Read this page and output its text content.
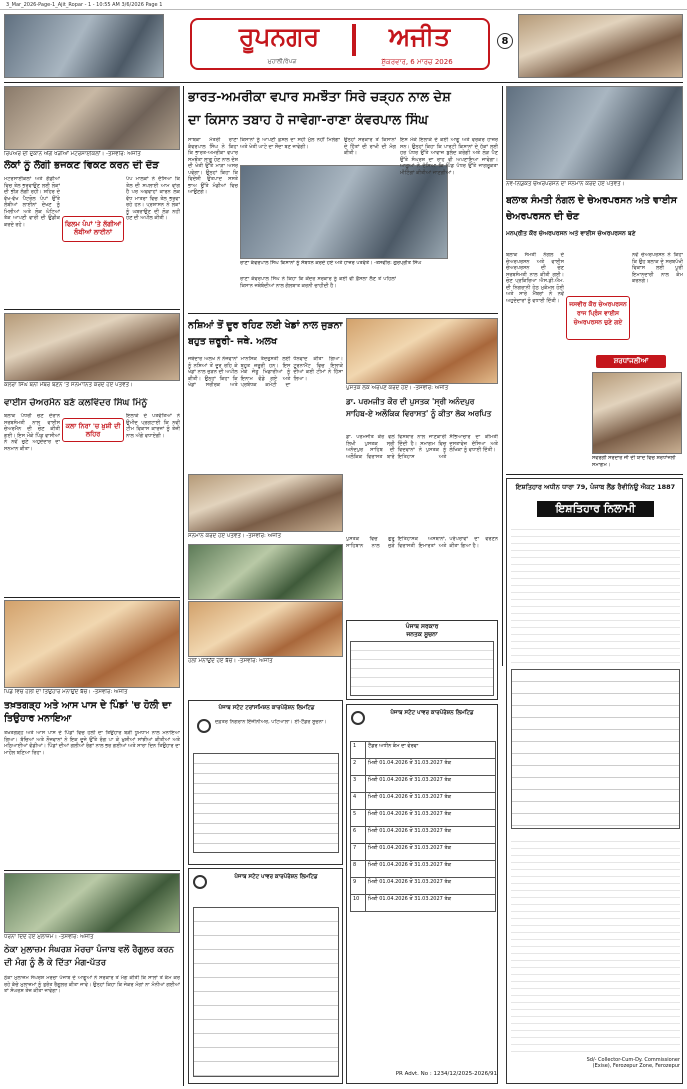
3_Mar_2026-Page-1_Ajit_Ropar - 1 - 10:55 AM 3/6/2026 Page 1
ਰੂਪਨਗਰ	ਅਜੀਤ
ਮੁਹਾਲੀ/ਰੋਪੜ	ਸ਼ੁੱਕਰਵਾਰ, 6 ਮਾਰਚ 2026
8
ਰਿਪੇਅਰ ਦੀ ਦੁਕਾਨ ਅੱਗੇ ਖੜੀਆਂ ਮੋਟਰਸਾਈਕਲਾਂ। -ਤਸਵੀਰ: ਅਜੀਤ
ਲੋਕਾਂ ਨੂੰ ਲੱਗੀ ਭਜਕਣ ਵਿਕਣ ਕਰਨ ਦੀ ਦੌੜ
ਮੋਟਰਸਾਈਕਲਾਂ ਅਤੇ ਗੱਡੀਆਂ ਵਿਚ ਤੇਲ ਭਰਵਾਉਣ ਲਈ ਲੋਕਾਂ ਦੀ ਭੀੜ ਲੱਗੀ ਰਹੀ। ਸ਼ਹਿਰ ਦੇ ਵੱਖ-ਵੱਖ ਪੈਟਰੋਲ ਪੰਪਾਂ ਉੱਤੇ ਲੰਬੀਆਂ ਲਾਈਨਾਂ ਦੇਖਣ ਨੂੰ ਮਿਲੀਆਂ ਅਤੇ ਲੋਕ ਘੰਟਿਆਂ ਤੱਕ ਆਪਣੀ ਵਾਰੀ ਦੀ ਉਡੀਕ ਕਰਦੇ ਰਹੇ।	ਫਿਲਮ ਪੰਪਾਂ 'ਤੇ ਲੱਗੀਆਂ ਲੰਬੀਆਂ ਲਾਈਨਾਂ
ਪੰਪ ਮਾਲਕਾਂ ਨੇ ਦੱਸਿਆ ਕਿ ਤੇਲ ਦੀ ਸਪਲਾਈ ਆਮ ਵਾਂਗ ਹੈ ਪਰ ਅਫਵਾਹਾਂ ਕਾਰਨ ਲੋਕ ਵੱਧ ਮਾਤਰਾ ਵਿਚ ਤੇਲ ਭਰਵਾ ਰਹੇ ਹਨ। ਪ੍ਰਸ਼ਾਸਨ ਨੇ ਲੋਕਾਂ ਨੂੰ ਘਬਰਾਉਣ ਦੀ ਲੋੜ ਨਹੀਂ ਹੋਣ ਦੀ ਅਪੀਲ ਕੀਤੀ।
ਕਲੋਰਾ ਸਿੰਘ ਬਨੀ ਮੈਂਬਰ ਬਣਨ 'ਤੇ ਸਨਮਾਨਿਤ ਕਰਦੇ ਹੋਏ ਪਤਵੰਤੇ।
ਵਾਈਸ ਚੇਅਰਮੈਨ ਬਣੇ ਕਲਵਿੰਦਰ ਸਿੰਘ ਮਿੰਨੂੰ
ਬਲਾਕ ਪੱਧਰੀ ਚੋਣ ਦੌਰਾਨ ਸਰਬਸੰਮਤੀ ਨਾਲ ਵਾਈਸ ਚੇਅਰਮੈਨ ਦੀ ਚੋਣ ਕੀਤੀ ਗਈ। ਇਸ ਮੌਕੇ ਪਿੰਡ ਵਾਸੀਆਂ ਨੇ ਨਵੇਂ ਚੁਣੇ ਅਹੁਦੇਦਾਰ ਦਾ ਸਨਮਾਨ ਕੀਤਾ।
ਕਲਾ ਨਿਰਾ 'ਚ ਖ਼ੁਸ਼ੀ ਦੀ ਲਹਿਰ
ਇਲਾਕੇ ਦੇ ਪਤਵੰਤਿਆਂ ਨੇ ਉਮੀਦ ਪ੍ਰਗਟਾਈ ਕਿ ਨਵੀਂ ਟੀਮ ਵਿਕਾਸ ਕਾਰਜਾਂ ਨੂੰ ਤੇਜ਼ੀ ਨਾਲ ਅੱਗੇ ਵਧਾਏਗੀ।
ਪਿੰਡ ਵਿਚ ਹੋਲੀ ਦਾ ਤਿਉਹਾਰ ਮਨਾਉਂਦੇ ਬੱਚੇ। -ਤਸਵੀਰ: ਅਜੀਤ
ਤਖ਼ਤਗੜ੍ਹ ਅਤੇ ਆਸ ਪਾਸ ਦੇ ਪਿੰਡਾਂ 'ਚ ਹੋਲੀ ਦਾ ਤਿਉਹਾਰ ਮਨਾਇਆ
ਤਖ਼ਤਗੜ੍ਹ ਅਤੇ ਆਸ ਪਾਸ ਦੇ ਪਿੰਡਾਂ ਵਿਚ ਹੋਲੀ ਦਾ ਤਿਉਹਾਰ ਬੜੀ ਧੂਮਧਾਮ ਨਾਲ ਮਨਾਇਆ ਗਿਆ। ਬੱਚਿਆਂ ਅਤੇ ਨੌਜਵਾਨਾਂ ਨੇ ਇਕ ਦੂਜੇ ਉੱਤੇ ਰੰਗ ਪਾ ਕੇ ਖ਼ੁਸ਼ੀਆਂ ਸਾਂਝੀਆਂ ਕੀਤੀਆਂ ਅਤੇ ਮਠਿਆਈਆਂ ਵੰਡੀਆਂ। ਪਿੰਡਾਂ ਦੀਆਂ ਗਲੀਆਂ ਰੰਗਾਂ ਨਾਲ ਭਰ ਗਈਆਂ ਅਤੇ ਸਾਰਾ ਦਿਨ ਤਿਉਹਾਰ ਦਾ ਮਾਹੌਲ ਬਣਿਆ ਰਿਹਾ।
ਧਰਨਾ ਦਿੰਦੇ ਹੋਏ ਮੁਲਾਜ਼ਮ। -ਤਸਵੀਰ: ਅਜੀਤ
ਠੇਕਾ ਮੁਲਾਜ਼ਮ ਸੰਘਰਸ਼ ਮੋਰਚਾ ਪੰਜਾਬ ਵਲੋਂ ਰੈਗੂਲਰ ਕਰਨ ਦੀ ਮੰਗ ਨੂੰ ਲੈ ਕੇ ਦਿੱਤਾ ਮੰਗ-ਪੱਤਰ
ਠੇਕਾ ਮੁਲਾਜ਼ਮ ਸੰਘਰਸ਼ ਮੋਰਚਾ ਪੰਜਾਬ ਦੇ ਆਗੂਆਂ ਨੇ ਸਰਕਾਰ ਤੋਂ ਮੰਗ ਕੀਤੀ ਕਿ ਸਾਲਾਂ ਤੋਂ ਕੰਮ ਕਰ ਰਹੇ ਕੱਚੇ ਮੁਲਾਜ਼ਮਾਂ ਨੂੰ ਤੁਰੰਤ ਰੈਗੂਲਰ ਕੀਤਾ ਜਾਵੇ। ਉਨ੍ਹਾਂ ਕਿਹਾ ਕਿ ਜੇਕਰ ਮੰਗਾਂ ਨਾ ਮੰਨੀਆਂ ਗਈਆਂ ਤਾਂ ਸੰਘਰਸ਼ ਤੇਜ਼ ਕੀਤਾ ਜਾਵੇਗਾ।
ਭਾਰਤ-ਅਮਰੀਕਾ ਵਪਾਰ ਸਮਝੌਤਾ ਸਿਰੇ ਚੜ੍ਹਨ ਨਾਲ ਦੇਸ਼
ਦਾ ਕਿਸਾਨ ਤਬਾਹ ਹੋ ਜਾਵੇਗਾ-ਰਾਣਾ ਕੰਵਰਪਾਲ ਸਿੰਘ
ਸਾਬਕਾ ਮੰਤਰੀ ਰਾਣਾ ਕੰਵਰਪਾਲ ਸਿੰਘ ਨੇ ਕਿਹਾ ਕਿ ਭਾਰਤ-ਅਮਰੀਕਾ ਵਪਾਰ ਸਮਝੌਤਾ ਲਾਗੂ ਹੋਣ ਨਾਲ ਦੇਸ਼ ਦੀ ਖੇਤੀ ਉੱਤੇ ਮਾੜਾ ਅਸਰ ਪਵੇਗਾ। ਉਨ੍ਹਾਂ ਕਿਹਾ ਕਿ ਵਿਦੇਸ਼ੀ ਉਤਪਾਦ ਸਸਤੇ ਭਾਅ ਉੱਤੇ ਮੰਡੀਆਂ ਵਿਚ ਆਉਣਗੇ।
ਕਿਸਾਨਾਂ ਨੂੰ ਆਪਣੀ ਫ਼ਸਲ ਦਾ ਸਹੀ ਮੁੱਲ ਨਹੀਂ ਮਿਲੇਗਾ ਅਤੇ ਖੇਤੀ ਘਾਟੇ ਦਾ ਸੌਦਾ ਬਣ ਜਾਵੇਗੀ।
ਉਨ੍ਹਾਂ ਸਰਕਾਰ ਤੋਂ ਕਿਸਾਨਾਂ ਦੇ ਹਿੱਤਾਂ ਦੀ ਰਾਖੀ ਦੀ ਮੰਗ ਕੀਤੀ।
ਇਸ ਮੌਕੇ ਇਲਾਕੇ ਦੇ ਕਈ ਆਗੂ ਅਤੇ ਵਰਕਰ ਹਾਜ਼ਰ ਸਨ। ਉਨ੍ਹਾਂ ਕਿਹਾ ਕਿ ਪਾਰਟੀ ਕਿਸਾਨਾਂ ਦੇ ਹੱਕਾਂ ਲਈ ਹਰ ਪੱਧਰ ਉੱਤੇ ਆਵਾਜ਼ ਬੁਲੰਦ ਕਰੇਗੀ ਅਤੇ ਲੋੜ ਪੈਣ ਉੱਤੇ ਸੰਘਰਸ਼ ਦਾ ਰਾਹ ਵੀ ਅਪਣਾਇਆ ਜਾਵੇਗਾ। ਆਗੂਆਂ ਨੇ ਦੱਸਿਆ ਕਿ ਪਿੰਡ ਪੱਧਰ ਉੱਤੇ ਜਾਗਰੂਕਤਾ ਮੀਟਿੰਗਾਂ ਕੀਤੀਆਂ ਜਾਣਗੀਆਂ।
ਰਾਣਾ ਕੰਵਰਪਾਲ ਸਿੰਘ ਕਿਸਾਨਾਂ ਨੂੰ ਸੰਬੋਧਨ ਕਰਦੇ ਹੋਏ ਅਤੇ ਹਾਜ਼ਰ ਪਤਵੰਤੇ। -ਤਸਵੀਰ: ਗੁਰਪ੍ਰੀਤ ਸਿੰਘ
ਰਾਣਾ ਕੰਵਰਪਾਲ ਸਿੰਘ ਨੇ ਕਿਹਾ ਕਿ ਕੇਂਦਰ ਸਰਕਾਰ ਨੂੰ ਕੋਈ ਵੀ ਫ਼ੈਸਲਾ ਲੈਣ ਤੋਂ ਪਹਿਲਾਂ ਕਿਸਾਨ ਜਥੇਬੰਦੀਆਂ ਨਾਲ ਗੱਲਬਾਤ ਕਰਨੀ ਚਾਹੀਦੀ ਹੈ।
ਨਸ਼ਿਆਂ ਤੋਂ ਦੂਰ ਰਹਿਣ ਲਈ ਖੇਡਾਂ ਨਾਲ ਜੁੜਨਾ ਬਹੁਤ ਜ਼ਰੂਰੀ- ਜਥੇ. ਅਲਖ
ਜਥੇਦਾਰ ਅਲਖ ਨੇ ਨੌਜਵਾਨਾਂ ਨੂੰ ਨਸ਼ਿਆਂ ਤੋਂ ਦੂਰ ਰਹਿ ਕੇ ਖੇਡਾਂ ਨਾਲ ਜੁੜਨ ਦੀ ਅਪੀਲ ਕੀਤੀ। ਉਨ੍ਹਾਂ ਕਿਹਾ ਕਿ ਖੇਡਾਂ ਸਰੀਰਕ ਅਤੇ ਮਾਨਸਿਕ ਤੰਦਰੁਸਤੀ ਲਈ ਬਹੁਤ ਜ਼ਰੂਰੀ ਹਨ। ਇਸ ਮੌਕੇ ਜੇਤੂ ਖਿਡਾਰੀਆਂ ਨੂੰ ਇਨਾਮ ਵੰਡੇ ਗਏ ਅਤੇ ਪ੍ਰਬੰਧਕ ਕਮੇਟੀ ਦਾ ਧੰਨਵਾਦ ਕੀਤਾ ਗਿਆ। ਟੂਰਨਾਮੈਂਟ ਵਿਚ ਇਲਾਕੇ ਦੀਆਂ ਕਈ ਟੀਮਾਂ ਨੇ ਹਿੱਸਾ ਲਿਆ।
ਸਨਮਾਨ ਕਰਦੇ ਹੋਏ ਪਤਵੰਤੇ। -ਤਸਵੀਰ: ਅਜੀਤ
ਪੁਸਤਕ ਲੋਕ ਅਰਪਣ ਕਰਦੇ ਹੋਏ। -ਤਸਵੀਰ: ਅਜੀਤ
ਡਾ. ਪਰਮਜੀਤ ਕੌਰ ਦੀ ਪੁਸਤਕ 'ਸ੍ਰੀ ਅਨੰਦਪੁਰ ਸਾਹਿਬ-ਏ ਅਲੌਕਿਕ ਵਿਰਾਸਤ' ਨੂੰ ਕੀਤਾ ਲੋਕ ਅਰਪਿਤ
ਡਾ. ਪਰਮਜੀਤ ਕੌਰ ਵਲੋਂ ਲਿਖੀ ਪੁਸਤਕ ਸ੍ਰੀ ਅਨੰਦਪੁਰ ਸਾਹਿਬ ਦੀ ਅਲੌਕਿਕ ਵਿਰਾਸਤ ਬਾਰੇ ਵਿਸਥਾਰ ਨਾਲ ਜਾਣਕਾਰੀ ਦਿੰਦੀ ਹੈ। ਸਮਾਗਮ ਵਿਚ ਵਿਦਵਾਨਾਂ ਨੇ ਪੁਸਤਕ ਨੂੰ ਇਤਿਹਾਸ ਅਤੇ ਸੱਭਿਆਚਾਰ ਦਾ ਕੀਮਤੀ ਦਸਤਾਵੇਜ਼ ਦੱਸਿਆ ਅਤੇ ਲੇਖਿਕਾ ਨੂੰ ਵਧਾਈ ਦਿੱਤੀ।
ਹੋਲੀ ਮਨਾਉਂਦੇ ਹੋਏ ਬੱਚੇ। -ਤਸਵੀਰ: ਅਜੀਤ
ਪੁਸਤਕ ਵਿਚ ਗੁਰੂ ਸਾਹਿਬਾਨ ਨਾਲ ਜੁੜੇ ਇਤਿਹਾਸਕ ਅਸਥਾਨਾਂ, ਵਿਰਾਸਤੀ ਇਮਾਰਤਾਂ ਅਤੇ ਪਰੰਪਰਾਵਾਂ ਦਾ ਵਰਣਨ ਕੀਤਾ ਗਿਆ ਹੈ।
ਪੰਜਾਬ ਸਰਕਾਰ
ਜਨਤਕ ਸੂਚਨਾ
ਪੰਜਾਬ ਸਟੇਟ ਟਰਾਂਸਮਿਸ਼ਨ ਕਾਰਪੋਰੇਸ਼ਨ ਲਿਮਟਿਡ
ਦਫ਼ਤਰ ਨਿਗਰਾਨ ਇੰਜੀਨੀਅਰ, ਪਟਿਆਲਾ। ਈ-ਟੈਂਡਰ ਸੂਚਨਾ।
ਪੰਜਾਬ ਸਟੇਟ ਪਾਵਰ ਕਾਰਪੋਰੇਸ਼ਨ ਲਿਮਟਿਡ
1	ਟੈਂਡਰ ਅਧੀਨ ਕੰਮ ਦਾ ਵੇਰਵਾ
2	ਮਿਤੀ 01.04.2026 ਤੋਂ 31.03.2027 ਤੱਕ
3	ਮਿਤੀ 01.04.2026 ਤੋਂ 31.03.2027 ਤੱਕ
4	ਮਿਤੀ 01.04.2026 ਤੋਂ 31.03.2027 ਤੱਕ
5	ਮਿਤੀ 01.04.2026 ਤੋਂ 31.03.2027 ਤੱਕ
6	ਮਿਤੀ 01.04.2026 ਤੋਂ 31.03.2027 ਤੱਕ
7	ਮਿਤੀ 01.04.2026 ਤੋਂ 31.03.2027 ਤੱਕ
8	ਮਿਤੀ 01.04.2026 ਤੋਂ 31.03.2027 ਤੱਕ
9	ਮਿਤੀ 01.04.2026 ਤੋਂ 31.03.2027 ਤੱਕ
10	ਮਿਤੀ 01.04.2026 ਤੋਂ 31.03.2027 ਤੱਕ
PR Advt. No : 1234/12/2025-2026/91
ਪੰਜਾਬ ਸਟੇਟ ਪਾਵਰ ਕਾਰਪੋਰੇਸ਼ਨ ਲਿਮਟਿਡ
ਨਵ-ਨਿਯੁਕਤ ਚੇਅਰਪਰਸਨ ਦਾ ਸਨਮਾਨ ਕਰਦੇ ਹੋਏ ਪਤਵੰਤੇ।
ਬਲਾਕ ਸੰਮਤੀ ਨੰਗਲ ਦੇ ਚੇਅਰਪਰਸਨ ਅਤੇ ਵਾਈਸ ਚੇਅਰਪਰਸਨ ਦੀ ਚੋਣ
ਮਨਪ੍ਰੀਤ ਕੌਰ ਚੇਅਰਪਰਸਨ ਅਤੇ ਵਾਈਸ ਚੇਅਰਪਰਸਨ ਬਣੇ
ਬਲਾਕ ਸੰਮਤੀ ਨੰਗਲ ਦੇ ਚੇਅਰਪਰਸਨ ਅਤੇ ਵਾਈਸ ਚੇਅਰਪਰਸਨ ਦੀ ਚੋਣ ਸਰਬਸੰਮਤੀ ਨਾਲ ਕੀਤੀ ਗਈ। ਚੋਣ ਪ੍ਰਕਿਰਿਆ ਐਸ.ਡੀ.ਐਮ. ਦੀ ਨਿਗਰਾਨੀ ਹੇਠ ਮੁਕੰਮਲ ਹੋਈ ਅਤੇ ਸਾਰੇ ਮੈਂਬਰਾਂ ਨੇ ਨਵੇਂ ਅਹੁਦੇਦਾਰਾਂ ਨੂੰ ਵਧਾਈ ਦਿੱਤੀ।
ਜਸਵੀਰ ਕੌਰ ਚੇਅਰਪਰਸਨ
ਰਾਜ ਪ੍ਰਿੰਸ ਵਾਈਸ ਚੇਅਰਪਰਸਨ ਚੁਣੇ ਗਏ
ਨਵੇਂ ਚੇਅਰਪਰਸਨ ਨੇ ਕਿਹਾ ਕਿ ਉਹ ਬਲਾਕ ਦੇ ਸਰਬਪੱਖੀ ਵਿਕਾਸ ਲਈ ਪੂਰੀ ਇਮਾਨਦਾਰੀ ਨਾਲ ਕੰਮ ਕਰਨਗੇ।
ਸ਼ਰਧਾਂਜਲੀਆਂ
ਸਵਰਗੀ ਸਰਦਾਰ ਜੀ ਦੀ ਯਾਦ ਵਿਚ ਸ਼ਰਧਾਂਜਲੀ ਸਮਾਗਮ।
ਇਸ਼ਤਿਹਾਰ ਅਧੀਨ ਧਾਰਾ 79, ਪੰਜਾਬ ਲੈਂਡ ਰੈਵੀਨਿਊ ਐਕਟ 1887
ਇਸ਼ਤਿਹਾਰ ਨਿਲਾਮੀ
Sd/- Collector-Cum-Dy. Commissioner (Exise), Ferozepur Zone, Ferozepur
